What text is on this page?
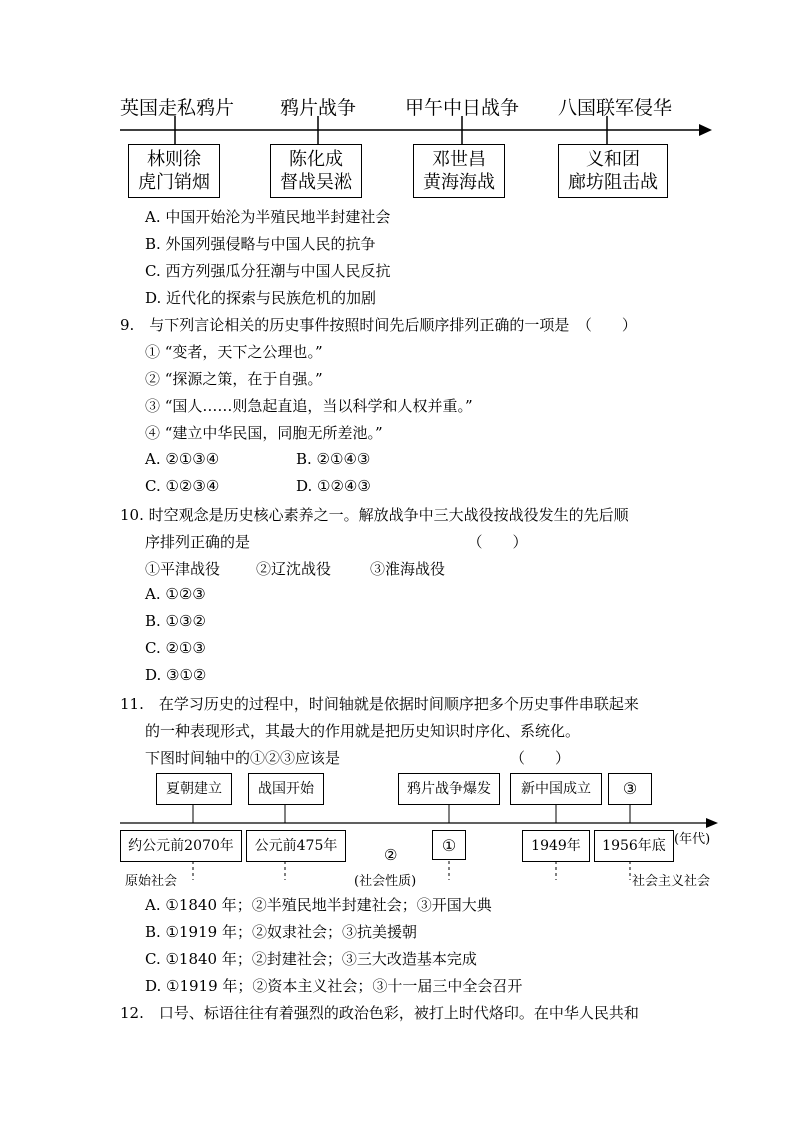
英国走私鸦片 鸦片战争	甲午中日战争 八国联军侵华
林则徐
虎门销烟
陈化成
督战吴淞
邓世昌
黄海海战
义和团
廊坊阻击战
A. 中国开始沦为半殖民地半封建社会
B. 外国列强侵略与中国人民的抗争
C. 西方列强瓜分狂潮与中国人民反抗
D. 近代化的探索与民族危机的加剧
9.　与下列言论相关的历史事件按照时间先后顺序排列正确的一项是　（　　）
① “变者，天下之公理也。”
② “探源之策，在于自强。”
③ “国人……则急起直追，当以科学和人权并重。”
④ “建立中华民国，同胞无所差池。”
A. ②①③④	B. ②①④③
C. ①②③④	D. ①②④③
10. 时空观念是历史核心素养之一。解放战争中三大战役按战役发生的先后顺
序排列正确的是　　　　　　　　　　　　　　　（　　）
①平津战役 ②辽沈战役	③淮海战役
A. ①②③
B. ①③②
C. ②①③
D. ③①②
11.　在学习历史的过程中，时间轴就是依据时间顺序把多个历史事件串联起来
的一种表现形式，其最大的作用就是把历史知识时序化、系统化。
下图时间轴中的①②③应该是	（　　）
夏朝建立	战国开始	鸦片战争爆发	新中国成立	③
约公元前2070年	公元前475年	①	1949年	1956年底 (年代)
②
(社会性质)
原始社会	社会主义社会
A. ①1840 年；②半殖民地半封建社会；③开国大典
B. ①1919 年；②奴隶社会；③抗美援朝
C. ①1840 年；②封建社会；③三大改造基本完成
D. ①1919 年；②资本主义社会；③十一届三中全会召开
12.　口号、标语往往有着强烈的政治色彩，被打上时代烙印。在中华人民共和
